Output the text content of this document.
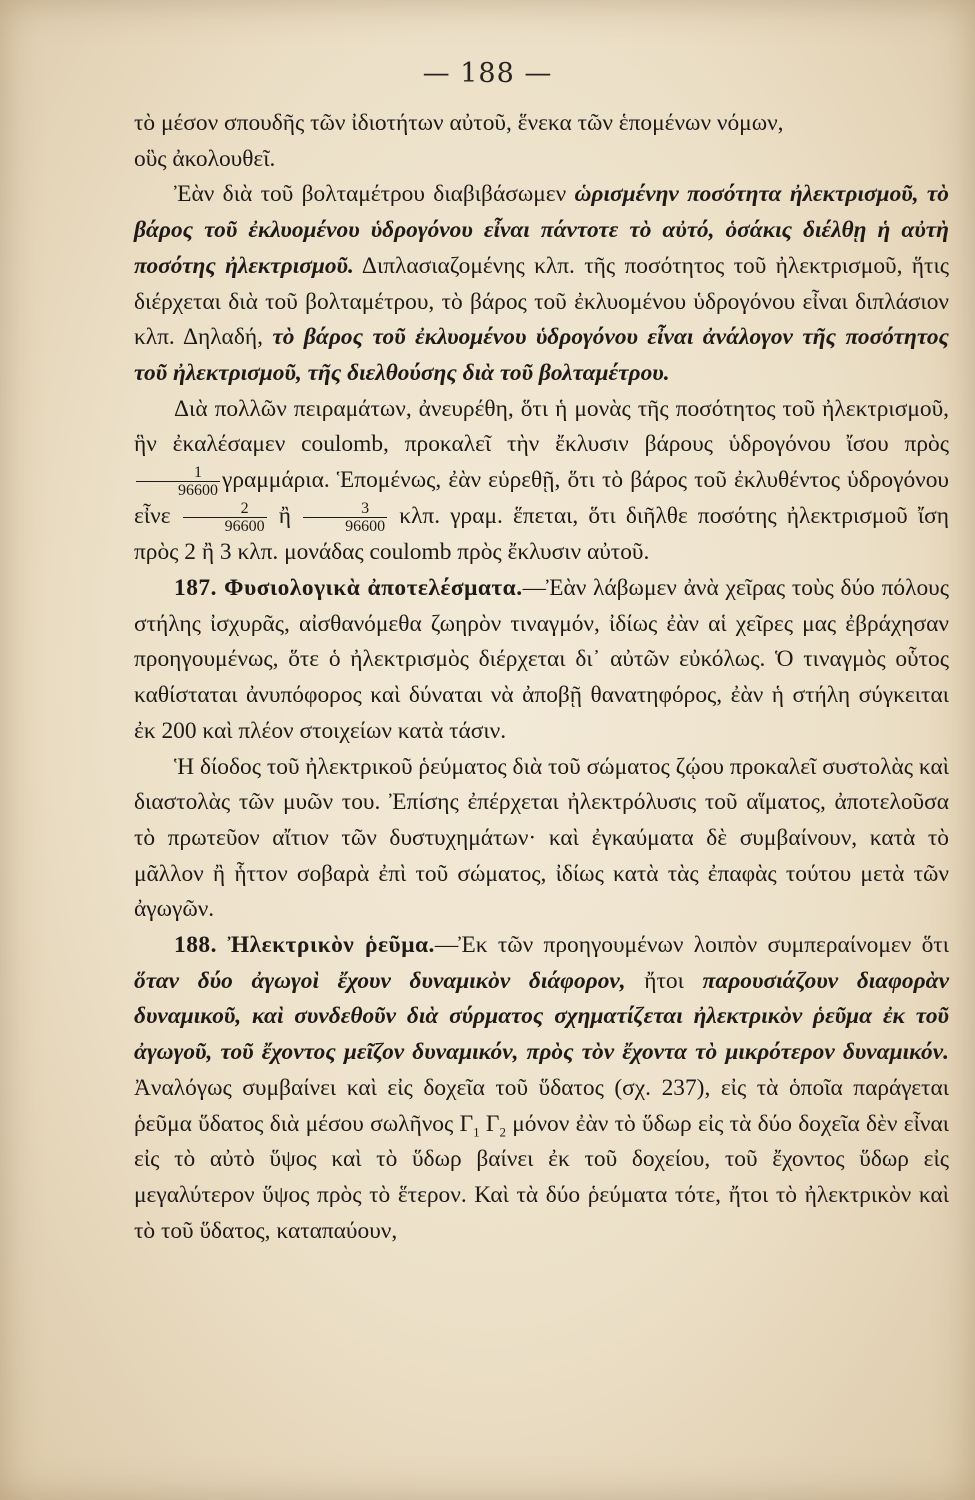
— 188 —

τὸ μέσον σπουδῆς τῶν ἰδιοτήτων αὐτοῦ, ἕνεκα τῶν ἑπομένων νόμων,
οὓς ἀκολουθεῖ.

Ἐὰν διὰ τοῦ βολταμέτρου διαβιβάσωμεν ὡρισμένην ποσότητα ἠλεκτρισμοῦ, τὸ βάρος τοῦ ἐκλυομένου ὑδρογόνου εἶναι πάντοτε τὸ αὐτό, ὁσάκις διέλθῃ ἡ αὐτὴ ποσότης ἠλεκτρισμοῦ. Διπλασιαζομένης κλπ. τῆς ποσότητος τοῦ ἠλεκτρισμοῦ, ἥτις διέρχεται διὰ τοῦ βολταμέτρου, τὸ βάρος τοῦ ἐκλυομένου ὑδρογόνου εἶναι διπλάσιον κλπ. Δηλαδή, τὸ βάρος τοῦ ἐκλυομένου ὑδρογόνου εἶναι ἀνάλογον τῆς ποσότητος τοῦ ἠλεκτρισμοῦ, τῆς διελθούσης διὰ τοῦ βολταμέτρου.

Διὰ πολλῶν πειραμάτων, ἀνευρέθη, ὅτι ἡ μονὰς τῆς ποσότητος τοῦ ἠλεκτρισμοῦ, ἣν ἐκαλέσαμεν coulomb, προκαλεῖ τὴν ἔκλυσιν βάρους ὑδρογόνου ἴσου πρὸς
$\frac{1}{96600} \gamma\rho\alpha\mu\mu ά\rho\iota\alpha$. Ἑπομένως, ἐὰν εὑρεθῇ, ὅτι τὸ βάρος τοῦ ἐκλυθέντος ὑδρογόνου εἶνε $\frac{2}{96600}$ ἢ $\frac{3}{96600} \kappa\lambda\pi$. γραμ. ἕπεται, ὅτι διῆλθε ποσότης ἠλεκτρισμοῦ ἴση πρὸς 2 ἢ 3 κλπ. μονάδας coulomb πρὸς ἔκλυσιν αὐτοῦ.

187. Φυσιολογικὰ ἀποτελέσματα.—Ἐὰν λάβωμεν ἀνὰ χεῖρας τοὺς δύο πόλους στήλης ἰσχυρᾶς, αἰσθανόμεθα ζωηρὸν τιναγμόν, ἰδίως ἐὰν αἱ χεῖρες μας ἐβράχησαν προηγουμένως, ὅτε ὁ ἠλεκτρισμὸς διέρχεται δι᾽ αὐτῶν εὐκόλως. Ὁ τιναγμὸς οὗτος καθίσταται ἀνυπόφορος καὶ δύναται νὰ ἀποβῇ θανατηφόρος, ἐὰν ἡ στήλη σύγκειται ἐκ 200 καὶ πλέον στοιχείων κατὰ τάσιν.

Ἡ δίοδος τοῦ ἠλεκτρικοῦ ῥεύματος διὰ τοῦ σώματος ζῴου προκαλεῖ συστολὰς καὶ διαστολὰς τῶν μυῶν του. Ἐπίσης ἐπέρχεται ἠλεκτρόλυσις τοῦ αἵματος, ἀποτελοῦσα τὸ πρωτεῦον αἴτιον τῶν δυστυχημάτων· καὶ ἐγκαύματα δὲ συμβαίνουν, κατὰ τὸ μᾶλλον ἢ ἧττον σοβαρὰ ἐπὶ τοῦ σώματος, ἰδίως κατὰ τὰς ἐπαφὰς τούτου μετὰ τῶν ἀγωγῶν.

188. Ἠλεκτρικὸν ῥεῦμα.—Ἐκ τῶν προηγουμένων λοιπὸν συμπεραίνομεν ὅτι ὅταν δύο ἀγωγοὶ ἔχουν δυναμικὸν διάφορον, ἤτοι παρουσιάζουν διαφορὰν δυναμικοῦ, καὶ συνδεθοῦν διὰ σύρματος σχηματίζεται ἠλεκτρικὸν ῥεῦμα ἐκ τοῦ ἀγωγοῦ, τοῦ ἔχοντος μεῖζον δυναμικόν, πρὸς τὸν ἔχοντα τὸ μικρότερον δυναμικόν. Ἀναλόγως συμβαίνει καὶ εἰς δοχεῖα τοῦ ὕδατος (σχ. 237), εἰς τὰ ὁποῖα παράγεται ῥεῦμα ὕδατος διὰ μέσου σωλῆνος $\Gamma_1$ $\Gamma_2$ μόνον ἐὰν τὸ ὕδωρ εἰς τὰ δύο δοχεῖα δὲν εἶναι εἰς τὸ αὐτὸ ὕψος καὶ τὸ ὕδωρ βαίνει ἐκ τοῦ δοχείου, τοῦ ἔχοντος ὕδωρ εἰς μεγαλύτερον ὕψος πρὸς τὸ ἕτερον. Καὶ τὰ δύο ῥεύματα τότε, ἤτοι τὸ ἠλεκτρικὸν καὶ τὸ τοῦ ὕδατος, καταπαύουν,
